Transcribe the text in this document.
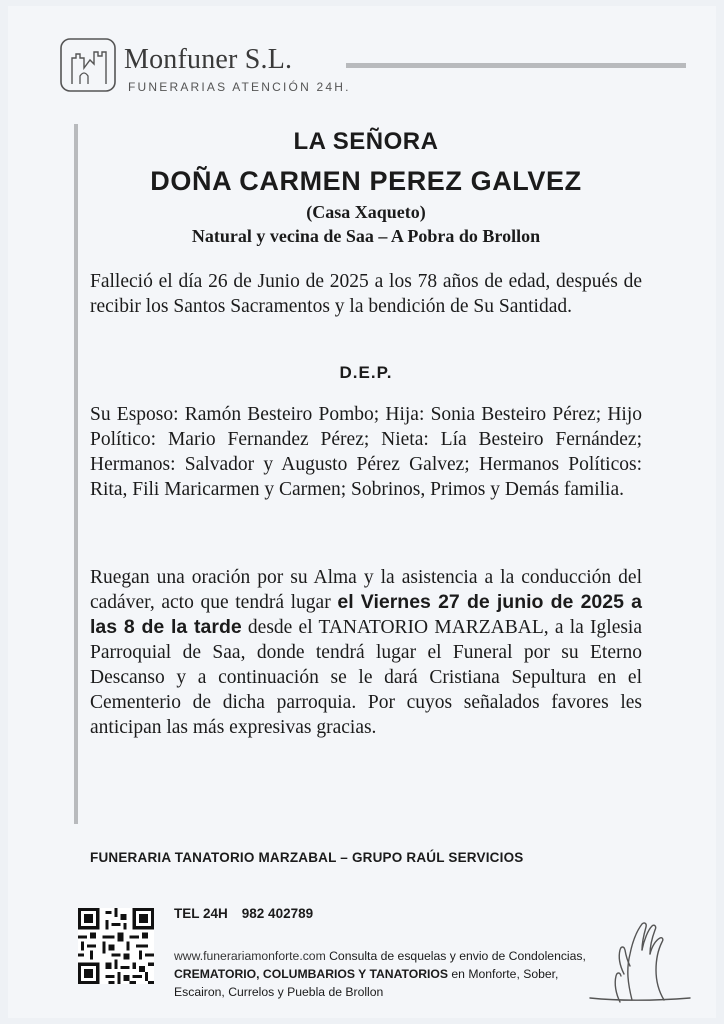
Monfuner S.L.
FUNERARIAS ATENCIÓN 24H.
LA SEÑORA
DOÑA CARMEN PEREZ GALVEZ
(Casa Xaqueto)
Natural y vecina de Saa – A Pobra do Brollon
Falleció el día 26 de Junio de 2025 a los 78 años de edad, después de recibir los Santos Sacramentos y la bendición de Su Santidad.
D.E.P.
Su Esposo: Ramón Besteiro Pombo; Hija: Sonia Besteiro Pérez; Hijo Político: Mario Fernandez Pérez; Nieta: Lía Besteiro Fernández; Hermanos: Salvador y Augusto Pérez Galvez; Hermanos Políticos: Rita, Fili Maricarmen y Carmen; Sobrinos, Primos y Demás familia.
Ruegan una oración por su Alma y la asistencia a la conducción del cadáver, acto que tendrá lugar el Viernes 27 de junio de 2025 a las 8 de la tarde desde el TANATORIO MARZABAL, a la Iglesia Parroquial de Saa, donde tendrá lugar el Funeral por su Eterno Descanso y a continuación se le dará Cristiana Sepultura en el Cementerio de dicha parroquia. Por cuyos señalados favores les anticipan las más expresivas gracias.
FUNERARIA TANATORIO MARZABAL – GRUPO RAÚL SERVICIOS
TEL 24H 982 402789
www.funerariamonforte.com Consulta de esquelas y envio de Condolencias, CREMATORIO, COLUMBARIOS Y TANATORIOS en Monforte, Sober, Escairon, Currelos y Puebla de Brollon
